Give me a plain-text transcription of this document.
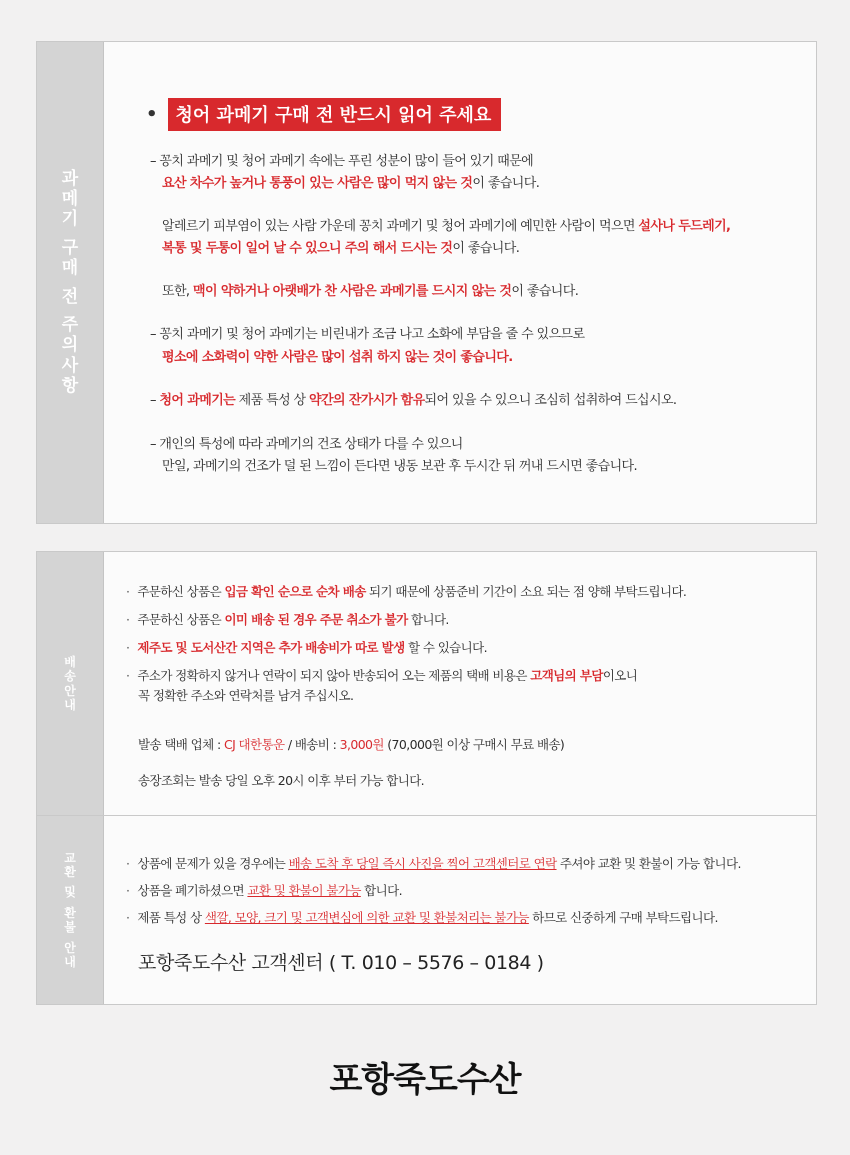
과
메
기

구
매

전

주
의
사
항
•	청어 과메기 구매 전 반드시 읽어 주세요
– 꽁치 과메기 및 청어 과메기 속에는 푸린 성분이 많이 들어 있기 때문에
요산 차수가 높거나 통풍이 있는 사람은 많이 먹지 않는 것이 좋습니다.
알레르기 피부염이 있는 사람 가운데 꽁치 과메기 및 청어 과메기에 예민한 사람이 먹으면 설사나 두드레기,
복통 및 두통이 일어 날 수 있으니 주의 해서 드시는 것이 좋습니다.
또한, 맥이 약하거나 아랫배가 찬 사람은 과메기를 드시지 않는 것이 좋습니다.
– 꽁치 과메기 및 청어 과메기는 비린내가 조금 나고 소화에 부담을 줄 수 있으므로
평소에 소화력이 약한 사람은 많이 섭취 하지 않는 것이 좋습니다.
– 청어 과메기는 제품 특성 상 약간의 잔가시가 함유되어 있을 수 있으니 조심히 섭취하여 드십시오.
– 개인의 특성에 따라 과메기의 건조 상태가 다를 수 있으니
만일, 과메기의 건조가 덜 된 느낌이 든다면 냉동 보관 후 두시간 뒤 꺼내 드시면 좋습니다.
배
송
안
내
· 주문하신 상품은 입금 확인 순으로 순차 배송 되기 때문에 상품준비 기간이 소요 되는 점 양해 부탁드립니다.
· 주문하신 상품은 이미 배송 된 경우 주문 취소가 불가 합니다.
· 제주도 및 도서산간 지역은 추가 배송비가 따로 발생 할 수 있습니다.
· 주소가 정확하지 않거나 연락이 되지 않아 반송되어 오는 제품의 택배 비용은 고객님의 부담이오니
꼭 정확한 주소와 연락처를 남겨 주십시오.
발송 택배 업체 : CJ 대한통운 / 배송비 : 3,000원 (70,000원 이상 구매시 무료 배송)
송장조회는 발송 당일 오후 20시 이후 부터 가능 합니다.
교
환

및

환
불

안
내
· 상품에 문제가 있을 경우에는 배송 도착 후 당일 즉시 사진을 찍어 고객센터로 연락 주셔야 교환 및 환불이 가능 합니다.
· 상품을 폐기하셨으면 교환 및 환불이 불가능 합니다.
· 제품 특성 상 색깔, 모양, 크기 및 고객변심에 의한 교환 및 환불처리는 불가능 하므로 신중하게 구매 부탁드립니다.
포항죽도수산 고객센터 ( T. 010 – 5576 – 0184 )
포항죽도수산
